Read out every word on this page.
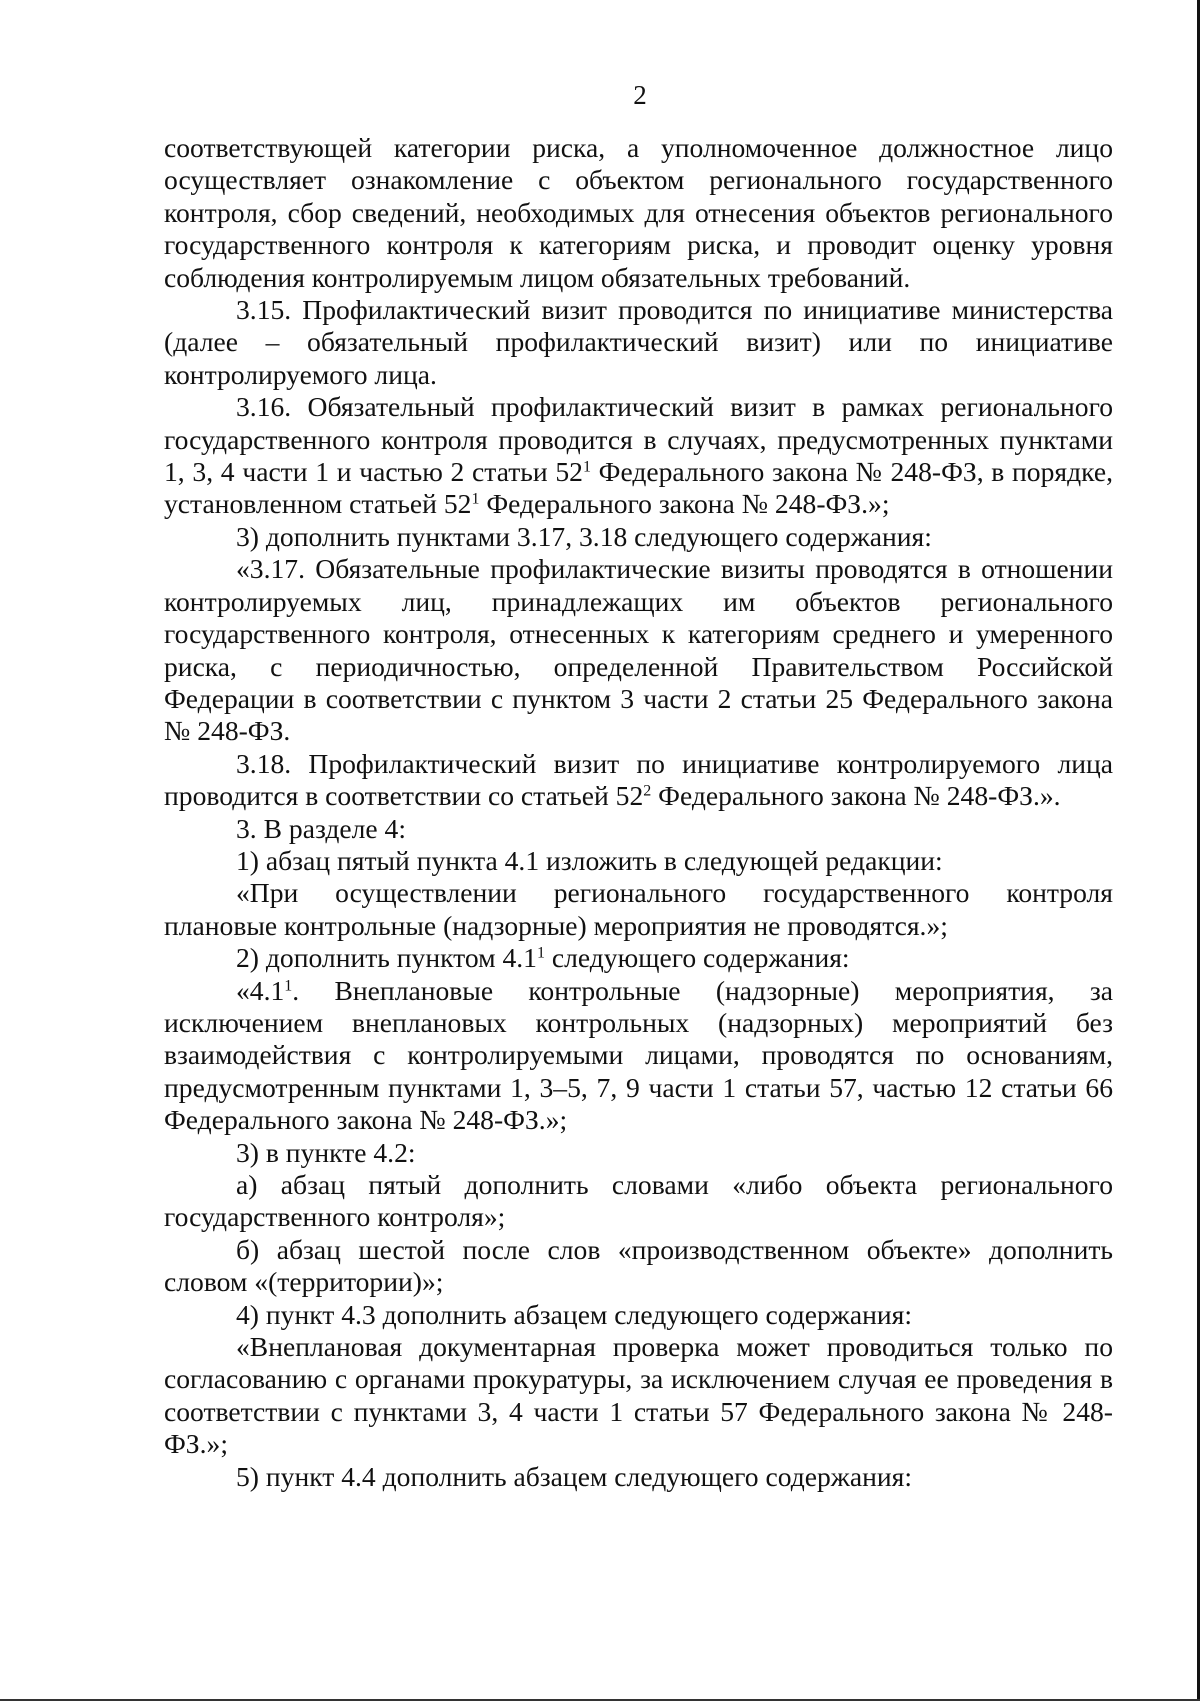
2

соответствующей категории риска, а уполномоченное должностное лицо осуществляет ознакомление с объектом регионального государственного контроля, сбор сведений, необходимых для отнесения объектов регионального государственного контроля к категориям риска, и проводит оценку уровня соблюдения контролируемым лицом обязательных требований.

3.15. Профилактический визит проводится по инициативе министерства (далее – обязательный профилактический визит) или по инициативе контролируемого лица.

3.16. Обязательный профилактический визит в рамках регионального государственного контроля проводится в случаях, предусмотренных пунктами 1, 3, 4 части 1 и частью 2 статьи $52^1$ Федерального закона № 248-ФЗ, в порядке, установленном статьей $52^1$ Федерального закона № 248-ФЗ.»;

3) дополнить пунктами 3.17, 3.18 следующего содержания:

«3.17. Обязательные профилактические визиты проводятся в отношении контролируемых лиц, принадлежащих им объектов регионального государственного контроля, отнесенных к категориям среднего и умеренного риска, с периодичностью, определенной Правительством Российской Федерации в соответствии с пунктом 3 части 2 статьи 25 Федерального закона № 248-ФЗ.

3.18. Профилактический визит по инициативе контролируемого лица проводится в соответствии со статьей $52^2$ Федерального закона № 248-ФЗ.».

3. В разделе 4:

1) абзац пятый пункта 4.1 изложить в следующей редакции:

«При осуществлении регионального государственного контроля плановые контрольные (надзорные) мероприятия не проводятся.»;

2) дополнить пунктом $4.1^1$ следующего содержания:

«$4.1^1$. Внеплановые контрольные (надзорные) мероприятия, за исключением внеплановых контрольных (надзорных) мероприятий без взаимодействия с контролируемыми лицами, проводятся по основаниям, предусмотренным пунктами 1, 3–5, 7, 9 части 1 статьи 57, частью 12 статьи 66 Федерального закона № 248-ФЗ.»;

3) в пункте 4.2:

а) абзац пятый дополнить словами «либо объекта регионального государственного контроля»;

б) абзац шестой после слов «производственном объекте» дополнить словом «(территории)»;

4) пункт 4.3 дополнить абзацем следующего содержания:

«Внеплановая документарная проверка может проводиться только по согласованию с органами прокуратуры, за исключением случая ее проведения в соответствии с пунктами 3, 4 части 1 статьи 57 Федерального закона № 248-ФЗ.»;

5) пункт 4.4 дополнить абзацем следующего содержания:
